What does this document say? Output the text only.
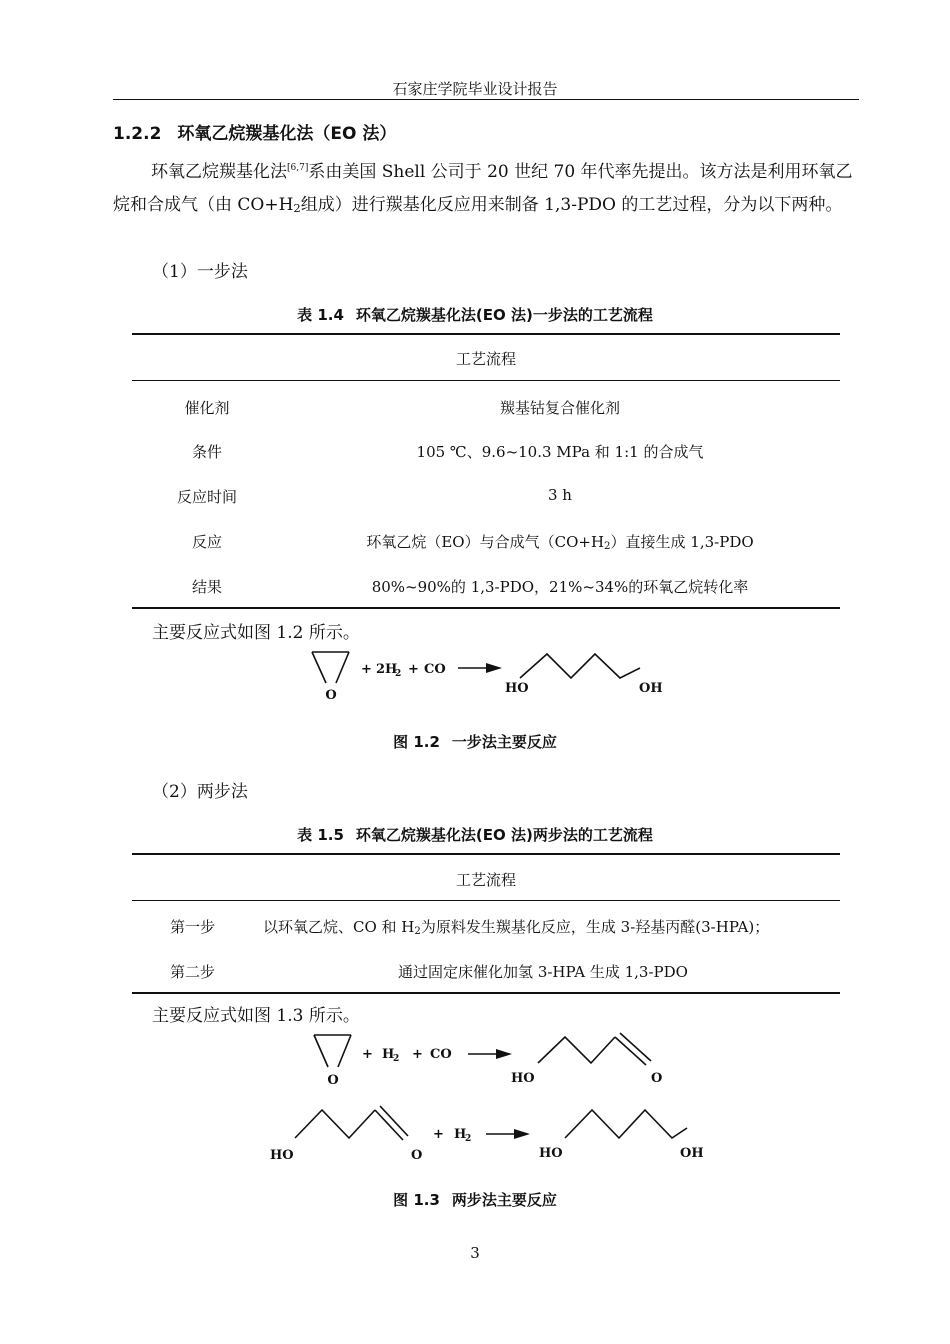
石家庄学院毕业设计报告
1.2.2 环氧乙烷羰基化法（EO 法）
环氧乙烷羰基化法[6,7]系由美国 Shell 公司于 20 世纪 70 年代率先提出。该方法是利用环氧乙烷和合成气（由 $CO+H_2$组成）进行羰基化反应用来制备 1,3-PDO 的工艺过程，分为以下两种。
（1）一步法
表 1.4 环氧乙烷羰基化法(EO 法)一步法的工艺流程
工艺流程
催化剂	羰基钴复合催化剂
条件	105 ℃、9.6~10.3 MPa 和 1:1 的合成气
反应时间	3 h
反应	环氧乙烷（EO）与合成气$(CO+H_2)$直接生成 1,3-PDO
结果	80%~90%的 1,3-PDO，21%~34%的环氧乙烷转化率
主要反应式如图 1.2 所示。
O
+ 2H
2 + CO
HO	OH
图 1.2 一步法主要反应
（2）两步法
表 1.5 环氧乙烷羰基化法(EO 法)两步法的工艺流程
工艺流程
第一步	以环氧乙烷、CO 和 $H_2$为原料发生羰基化反应，生成 3-羟基丙醛(3-HPA)；
第二步	通过固定床催化加氢 3-HPA 生成 1,3-PDO
主要反应式如图 1.3 所示。
O
+ H
2 + CO
HO	O
HO	O
+ H
2
HO	OH
图 1.3 两步法主要反应
3
